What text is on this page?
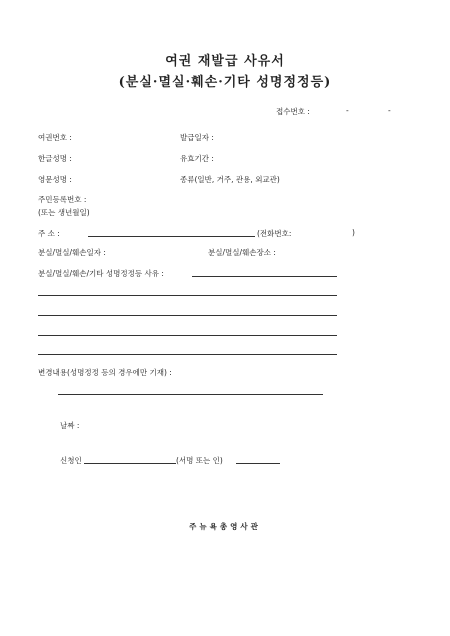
여권 재발급 사유서
(분실·멸실·훼손·기타 성명정정등)
접수번호 :	-	-
여권번호 :	발급일자 :
한글성명 :	유효기간 :
영문성명 :	종류(일반, 거주, 관용, 외교관)
주민등록번호 :
(또는 생년월일)
주 소 :	(전화번호:	)
분실/멸실/훼손일자 :	분실/멸실/훼손장소 :
분실/멸실/훼손/기타 성명정정등 사유 :
변경내용(성명정정 등의 경우에만 기재) :
날짜 :
신청인	(서명 또는 인)
주뉴욕총영사관
